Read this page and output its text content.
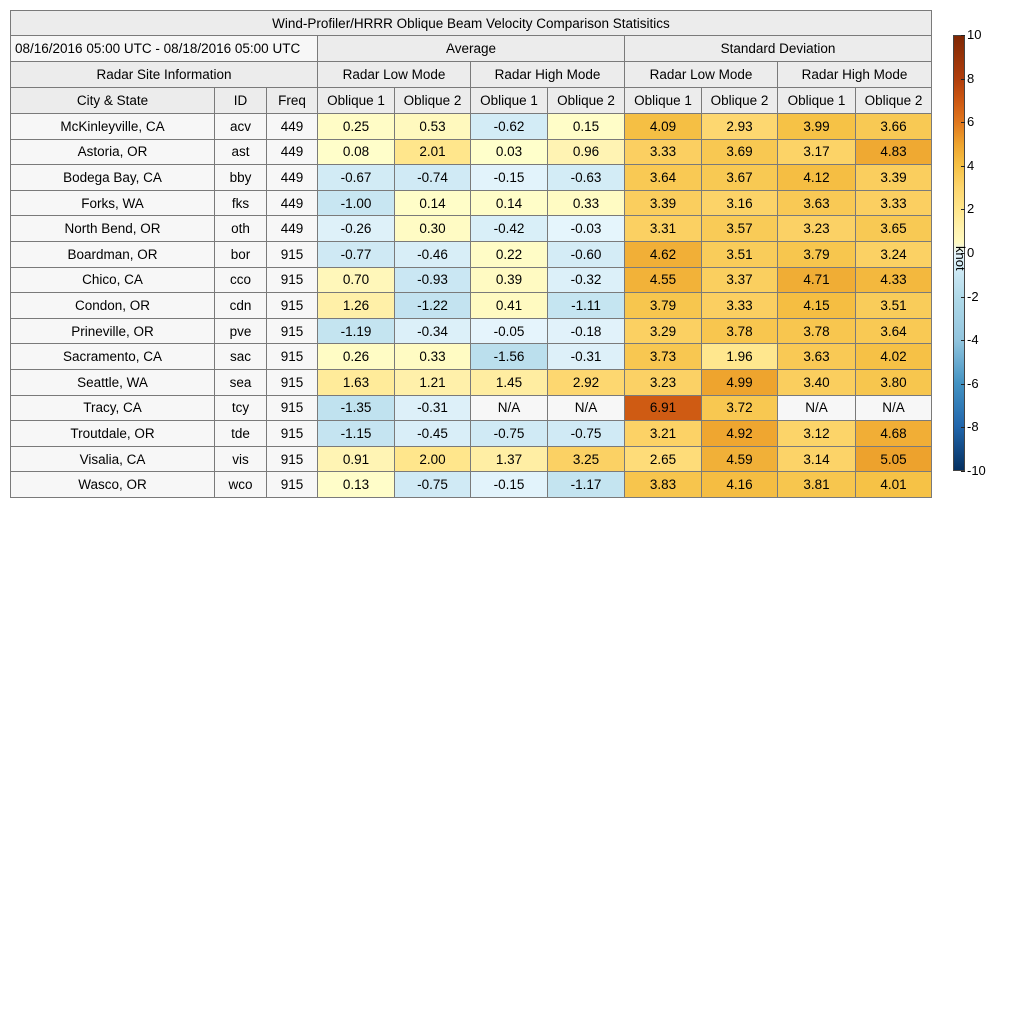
Wind-Profiler/HRRR Oblique Beam Velocity Comparison Statisitics										
08/16/2016 05:00 UTC - 08/18/2016 05:00 UTC			Average				Standard Deviation			
Radar Site Information			Radar Low Mode		Radar High Mode		Radar Low Mode		Radar High Mode	
City & State	ID	Freq	Oblique 1	Oblique 2	Oblique 1	Oblique 2	Oblique 1	Oblique 2	Oblique 1	Oblique 2
McKinleyville, CA	acv	449	0.25	0.53	-0.62	0.15	4.09	2.93	3.99	3.66
Astoria, OR	ast	449	0.08	2.01	0.03	0.96	3.33	3.69	3.17	4.83
Bodega Bay, CA	bby	449	-0.67	-0.74	-0.15	-0.63	3.64	3.67	4.12	3.39
Forks, WA	fks	449	-1.00	0.14	0.14	0.33	3.39	3.16	3.63	3.33
North Bend, OR	oth	449	-0.26	0.30	-0.42	-0.03	3.31	3.57	3.23	3.65
Boardman, OR	bor	915	-0.77	-0.46	0.22	-0.60	4.62	3.51	3.79	3.24
Chico, CA	cco	915	0.70	-0.93	0.39	-0.32	4.55	3.37	4.71	4.33
Condon, OR	cdn	915	1.26	-1.22	0.41	-1.11	3.79	3.33	4.15	3.51
Prineville, OR	pve	915	-1.19	-0.34	-0.05	-0.18	3.29	3.78	3.78	3.64
Sacramento, CA	sac	915	0.26	0.33	-1.56	-0.31	3.73	1.96	3.63	4.02
Seattle, WA	sea	915	1.63	1.21	1.45	2.92	3.23	4.99	3.40	3.80
Tracy, CA	tcy	915	-1.35	-0.31	N/A	N/A	6.91	3.72	N/A	N/A
Troutdale, OR	tde	915	-1.15	-0.45	-0.75	-0.75	3.21	4.92	3.12	4.68
Visalia, CA	vis	915	0.91	2.00	1.37	3.25	2.65	4.59	3.14	5.05
Wasco, OR	wco	915	0.13	-0.75	-0.15	-1.17	3.83	4.16	3.81	4.01
10
8
6
4
2
0
-2
-4
-6
-8
-10
knot
